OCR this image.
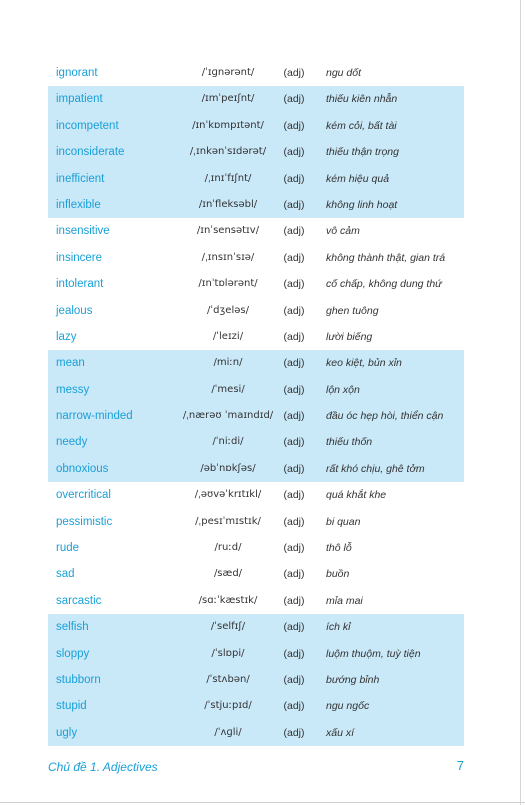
ignorant	/ˈɪɡnərənt/	(adj)	ngu dốt
impatient	/ɪmˈpeɪʃnt/	(adj)	thiếu kiên nhẫn
incompetent	/ɪnˈkɒmpɪtənt/	(adj)	kém cỏi, bất tài
inconsiderate	/ˌɪnkənˈsɪdərət/	(adj)	thiếu thận trọng
inefficient	/ˌɪnɪˈfɪʃnt/	(adj)	kém hiệu quả
inflexible	/ɪnˈfleksəbl/	(adj)	không linh hoạt
insensitive	/ɪnˈsensətɪv/	(adj)	vô cảm
insincere	/ˌɪnsɪnˈsɪə/	(adj)	không thành thật, gian trá
intolerant	/ɪnˈtɒlərənt/	(adj)	cố chấp, không dung thứ
jealous	/ˈdʒeləs/	(adj)	ghen tuông
lazy	/ˈleɪzi/	(adj)	lười biếng
mean	/miːn/	(adj)	keo kiệt, bủn xỉn
messy	/ˈmesi/	(adj)	lộn xộn
narrow-minded	/ˌnærəʊ ˈmaɪndɪd/ (adj)	đầu óc hẹp hòi, thiển cận
needy	/ˈniːdi/	(adj)	thiếu thốn
obnoxious	/əbˈnɒkʃəs/	(adj)	rất khó chịu, ghê tởm
overcritical	/ˌəʊvəˈkrɪtɪkl/	(adj)	quá khắt khe
pessimistic	/ˌpesɪˈmɪstɪk/	(adj)	bi quan
rude	/ruːd/	(adj)	thô lỗ
sad	/sæd/	(adj)	buồn
sarcastic	/sɑːˈkæstɪk/	(adj)	mỉa mai
selfish	/ˈselfɪʃ/	(adj)	ích kỉ
sloppy	/ˈslɒpi/	(adj)	luộm thuộm, tuỳ tiện
stubborn	/ˈstʌbən/	(adj)	bướng bỉnh
stupid	/ˈstjuːpɪd/	(adj)	ngu ngốc
ugly	/ˈʌɡli/	(adj)	xấu xí
Chủ đề 1. Adjectives	7
